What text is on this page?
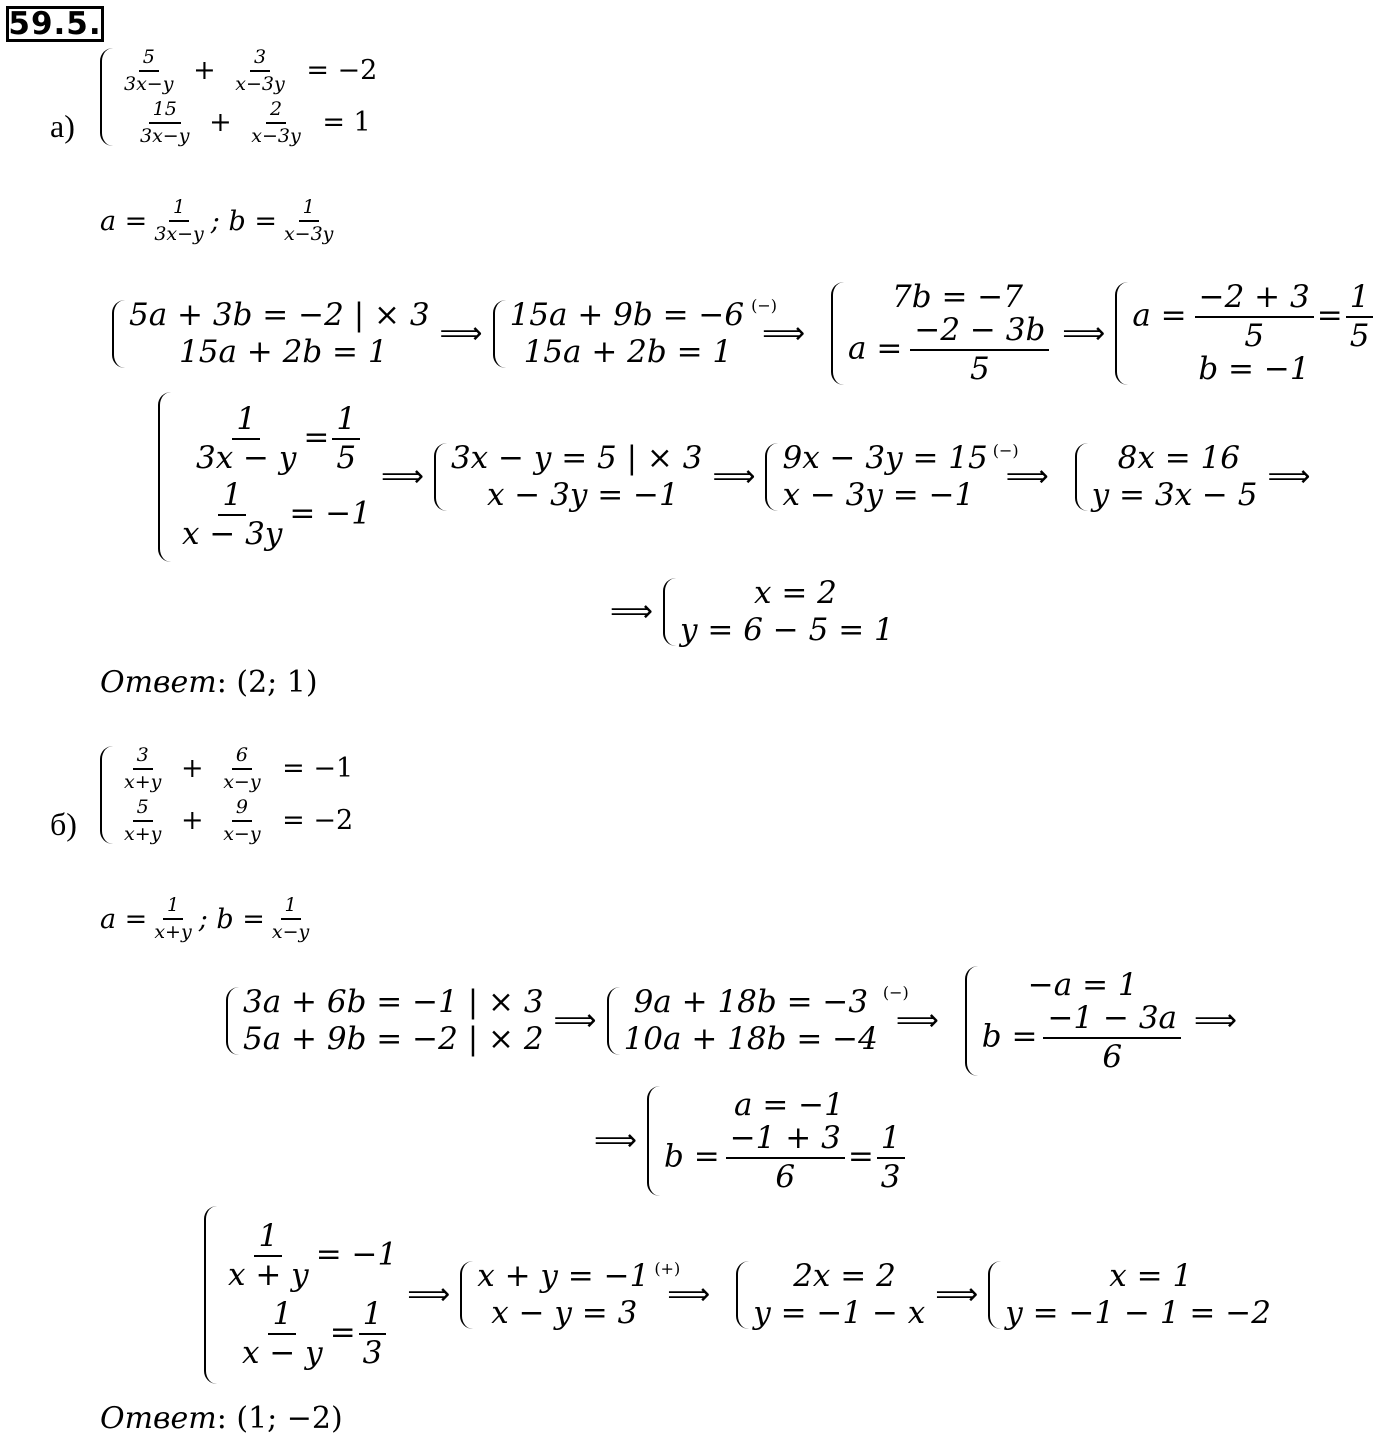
59.5.
а)
$\frac{5}{3x-y} + \frac{3}{x-3y} = -2$
$\frac{15}{3x-y} + \frac{2}{x-3y} = 1$
$a = \frac{1}{3x-y}$ ; $b = \frac{1}{x-3y}$
5a + 3b = −2 | × 3
15a + 2b = 1
⟹
15a + 9b = −6
15a + 2b = 1
⟹
(−)	7b = −7
$a = \frac{-2 - 3b}{5}$ ⟹ $a = \frac{-2 + 3}{5} = \frac{1}{5}$
b = −1
$\frac{1}{3x - y} = \frac{1}{5}$
$\frac{1}{x - 3y} = -1$
⟹
3x − y = 5 | × 3
x − 3y = −1
⟹
9x − 3y = 15
x − 3y = −1
⟹
(−)	8x = 16
y = 3x − 5
⟹
⟹
x = 2
y = 6 − 5 = 1
Ответ: (2; 1)
б)
$\frac{3}{x+y} + \frac{6}{x-y} = -1$
$\frac{5}{x+y} + \frac{9}{x-y} = -2$
$a = \frac{1}{x+y}$ ; $b = \frac{1}{x-y}$
3a + 6b = −1 | × 3
5a + 9b = −2 | × 2
⟹
9a + 18b = −3
10a + 18b = −4
⟹
(−)	−a = 1
$b = \frac{-1 - 3a}{6}$ ⟹
⟹
a = −1
$b = \frac{-1 + 3}{6} = \frac{1}{3}$
$\frac{1}{x + y} = -1$
$\frac{1}{x - y} = \frac{1}{3}$
⟹
x + y = −1
x − y = 3
⟹
(+)	2x = 2
y = −1 − x
⟹
x = 1
y = −1 − 1 = −2
Ответ: (1; −2)
